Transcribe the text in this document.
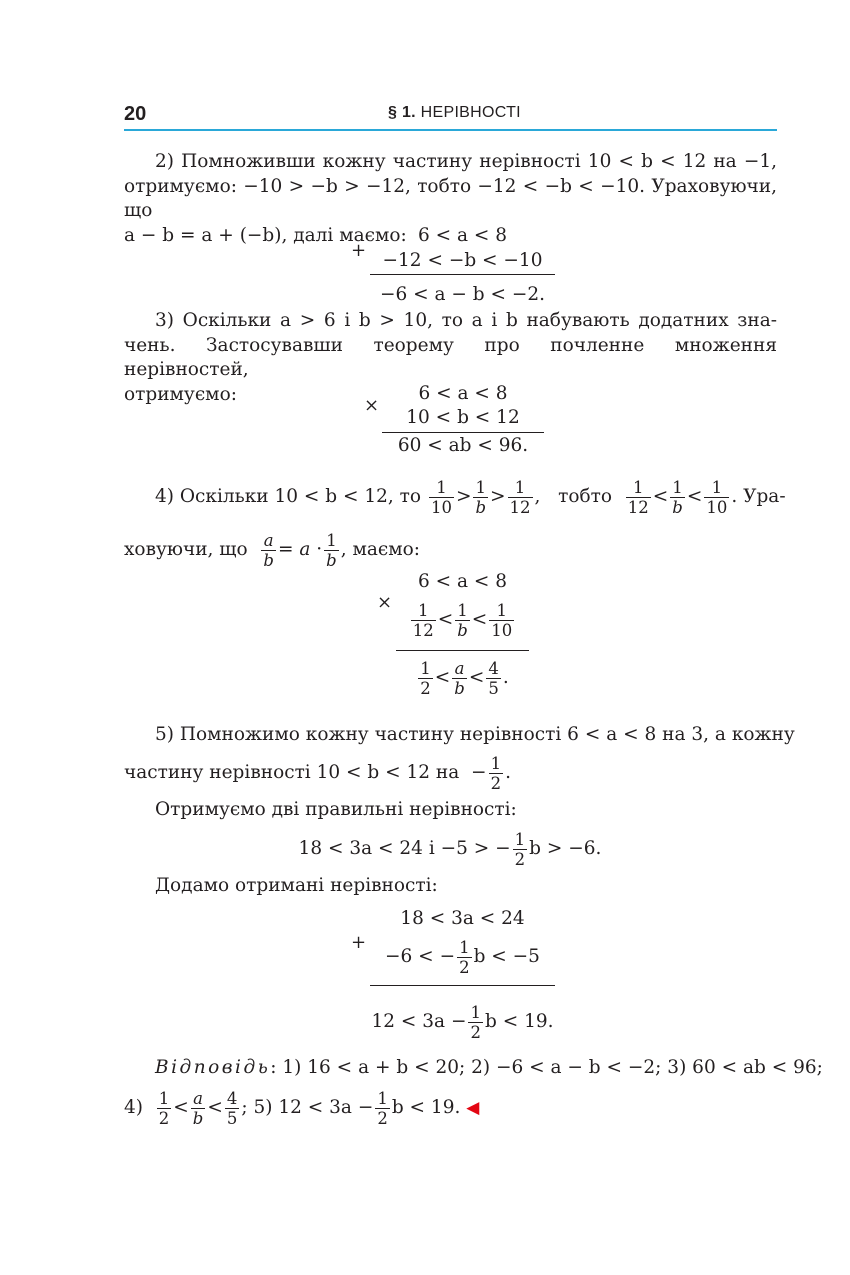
20	§ 1. НЕРІВНОСТІ
2) Помноживши кожну частину нерівності 10 < b < 12 на −1, отримуємо: −10 > −b > −12, тобто −12 < −b < −10. Ураховуючи, що
a − b = a + (−b), далі маємо:
+
6 < a < 8
−12 < −b < −10
−6 < a − b < −2.
3) Оскільки a > 6 і b > 10, то a і b набувають додатних зна- чень. Застосувавши теорему про почленне множення нерівностей,
отримуємо:
×
6 < a < 8
10 < b < 12
60 < ab < 96.
4) Оскільки 10 < b < 12, то $\frac{1}{10} > \frac{1}{b} > \frac{1}{12}$ ,   тобто $\frac{1}{12} < \frac{1}{b} < \frac{1}{10}$ . Ура-
ховуючи, що $\frac{a}{b} = a \cdot \frac{1}{b}$ , маємо:
×
6 < a < 8
$\frac{1}{12} < \frac{1}{b} < \frac{1}{10}$
$\frac{1}{2} < \frac{a}{b} < \frac{4}{5}$ .
5) Помножимо кожну частину нерівності 6 < a < 8 на 3, а кожну
частину нерівності 10 < b < 12 на  − $\frac{1}{2}$ .
Отримуємо дві правильні нерівності:
18 < 3a < 24 і −5 > − $\frac{1}{2}$ b > −6.
Додамо отримані нерівності:
+
18 < 3a < 24
−6 < − $\frac{1}{2}$ b < −5
$12 < 3a - \frac{1}{2}$ b < 19.
Відповідь: 1) 16 < a + b < 20; 2) −6 < a − b < −2; 3) 60 < ab < 96;
$4) \frac{1}{2} < \frac{a}{b} < \frac{4}{5}$ ; 5) $12 < 3a - \frac{1}{2}$ b < 19. ◀
